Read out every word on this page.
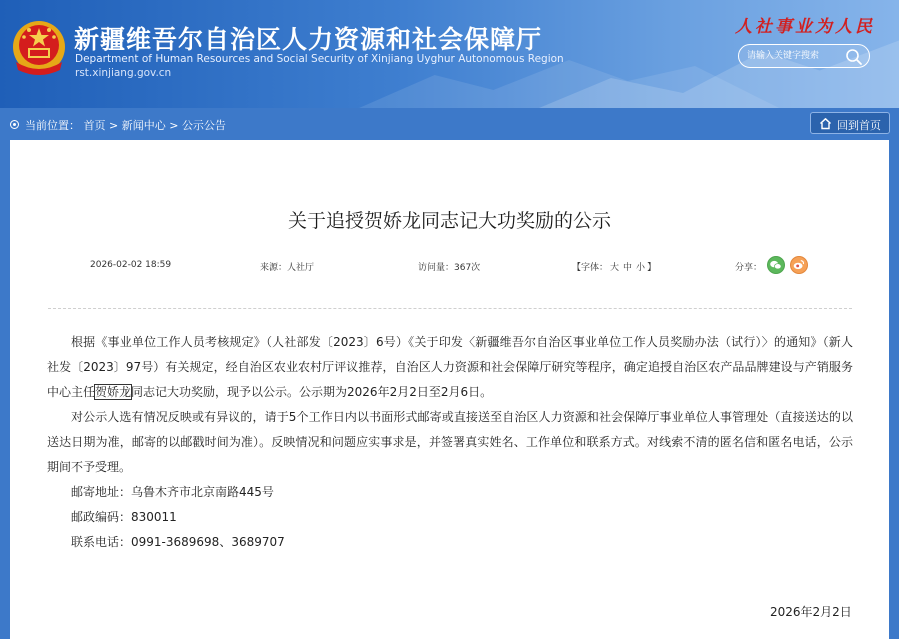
新疆维吾尔自治区人力资源和社会保障厅
Department of Human Resources and Social Security of Xinjiang Uyghur Autonomous Region
rst.xinjiang.gov.cn
人社事业为人民
请输入关键字搜索
当前位置： 首页 > 新闻中心 > 公示公告	回到首页
关于追授贺娇龙同志记大功奖励的公示
2026-02-02 18:59	来源：人社厅	访问量：367次	【字体： 大 中 小 】	分享：

根据《事业单位工作人员考核规定》（人社部发〔2023〕6号）《关于印发〈新疆维吾尔自治区事业单位工作人员奖励办法（试行）〉的通知》（新人社发〔2023〕97号）有关规定，经自治区农业农村厅评议推荐，自治区人力资源和社会保障厅研究等程序，确定追授自治区农产品品牌建设与产销服务中心主任贺娇龙同志记大功奖励，现予以公示。公示期为2026年2月2日至2月6日。

对公示人选有情况反映或有异议的，请于5个工作日内以书面形式邮寄或直接送至自治区人力资源和社会保障厅事业单位人事管理处（直接送达的以送达日期为准，邮寄的以邮戳时间为准）。反映情况和问题应实事求是，并签署真实姓名、工作单位和联系方式。对线索不清的匿名信和匿名电话，公示期间不予受理。

邮寄地址：乌鲁木齐市北京南路445号

邮政编码：830011

联系电话：0991-3689698、3689707

2026年2月2日
